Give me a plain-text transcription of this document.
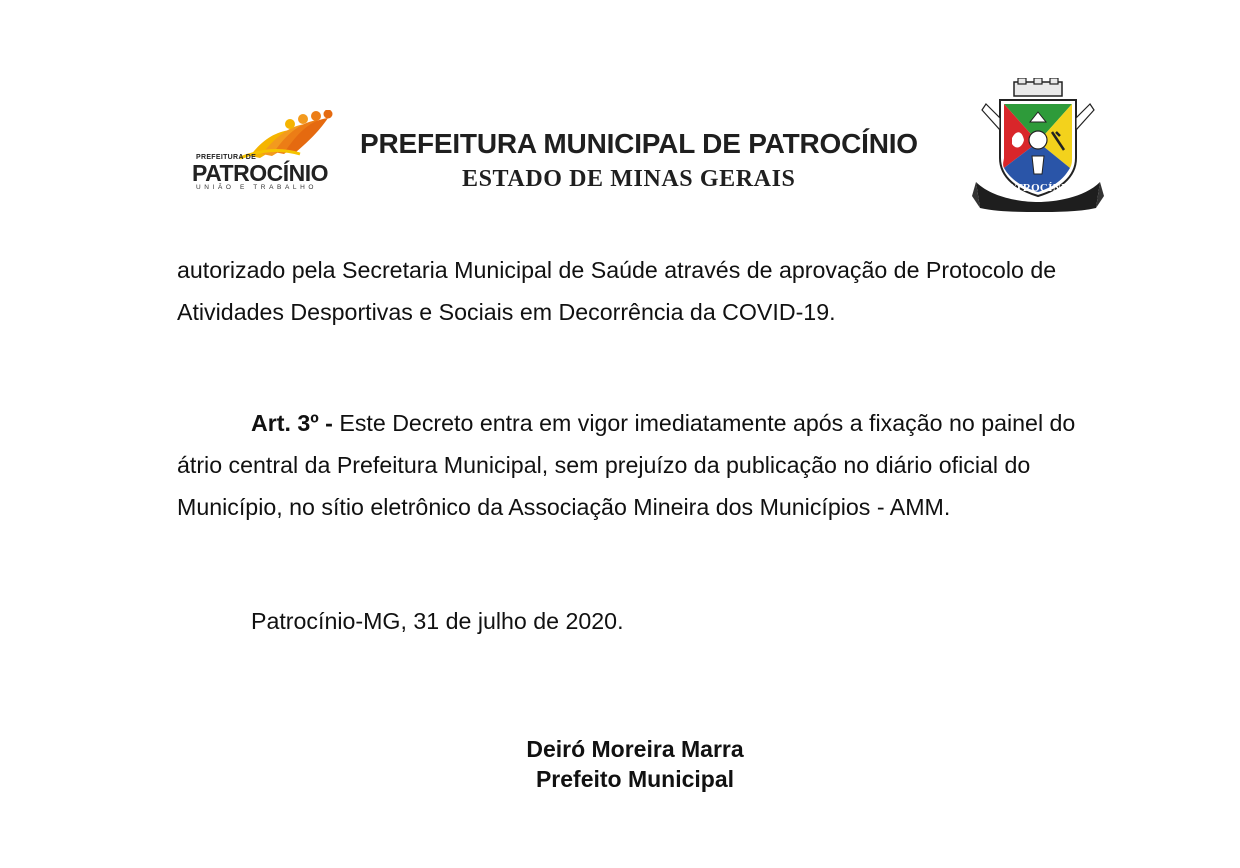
PREFEITURA DE
PATROCÍNIO
UNIÃO E TRABALHO
PREFEITURA MUNICIPAL DE PATROCÍNIO
ESTADO DE MINAS GERAIS	PATROCÍNIO

autorizado pela Secretaria Municipal de Saúde através de aprovação de Protocolo de Atividades Desportivas e Sociais em Decorrência da COVID-19.

Art. 3º - Este Decreto entra em vigor imediatamente após a fixação no painel do átrio central da Prefeitura Municipal, sem prejuízo da publicação no diário oficial do Município, no sítio eletrônico da Associação Mineira dos Municípios - AMM.

Patrocínio-MG, 31 de julho de 2020.

Deiró Moreira Marra
Prefeito Municipal
